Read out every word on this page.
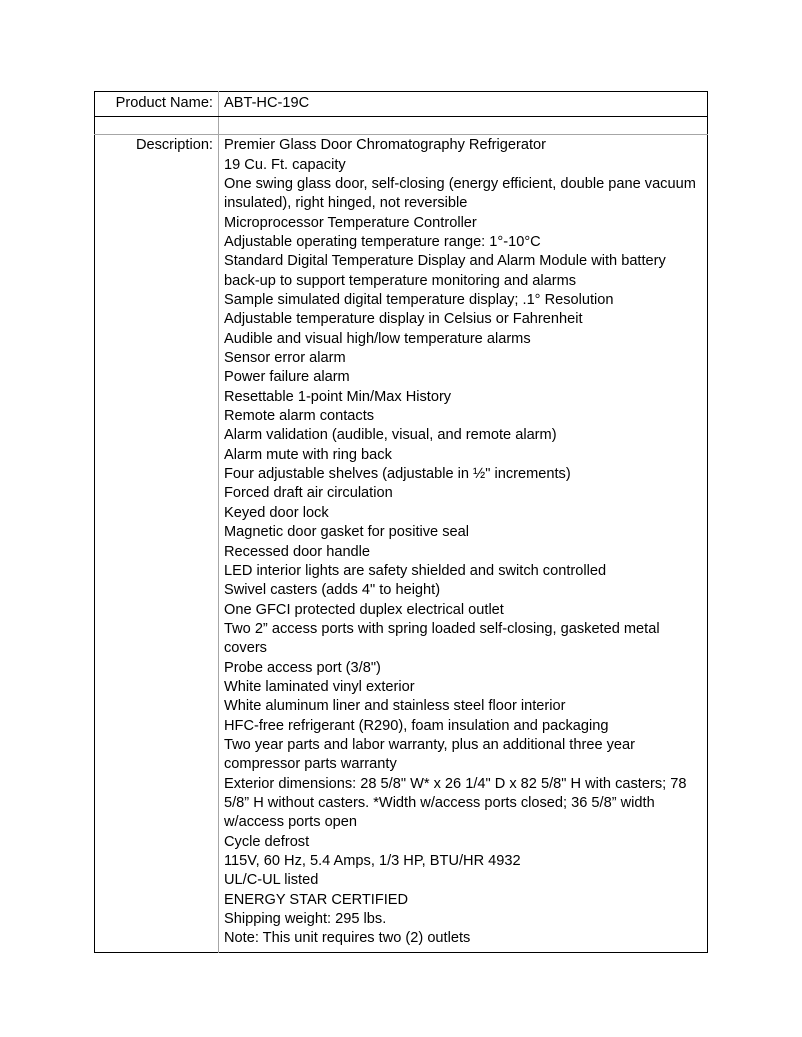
Product Name:	ABT-HC-19C

Description:	Premier Glass Door Chromatography Refrigerator
19 Cu. Ft. capacity
One swing glass door, self-closing (energy efficient, double pane vacuum insulated), right hinged, not reversible
Microprocessor Temperature Controller
Adjustable operating temperature range: 1°-10°C
Standard Digital Temperature Display and Alarm Module with battery back-up to support temperature monitoring and alarms
Sample simulated digital temperature display; .1° Resolution
Adjustable temperature display in Celsius or Fahrenheit
Audible and visual high/low temperature alarms
Sensor error alarm
Power failure alarm
Resettable 1-point Min/Max History
Remote alarm contacts
Alarm validation (audible, visual, and remote alarm)
Alarm mute with ring back
Four adjustable shelves (adjustable in ½" increments)
Forced draft air circulation
Keyed door lock
Magnetic door gasket for positive seal
Recessed door handle
LED interior lights are safety shielded and switch controlled
Swivel casters (adds 4" to height)
One GFCI protected duplex electrical outlet
Two 2” access ports with spring loaded self-closing, gasketed metal covers
Probe access port (3/8")
White laminated vinyl exterior
White aluminum liner and stainless steel floor interior
HFC-free refrigerant (R290), foam insulation and packaging
Two year parts and labor warranty, plus an additional three year compressor parts warranty
Exterior dimensions: 28 5/8" W* x 26 1/4" D x 82 5/8" H with casters; 78 5/8” H without casters. *Width w/access ports closed; 36 5/8” width w/access ports open
Cycle defrost
115V, 60 Hz, 5.4 Amps, 1/3 HP, BTU/HR 4932
UL/C-UL listed
ENERGY STAR CERTIFIED
Shipping weight: 295 lbs.
Note: This unit requires two (2) outlets
